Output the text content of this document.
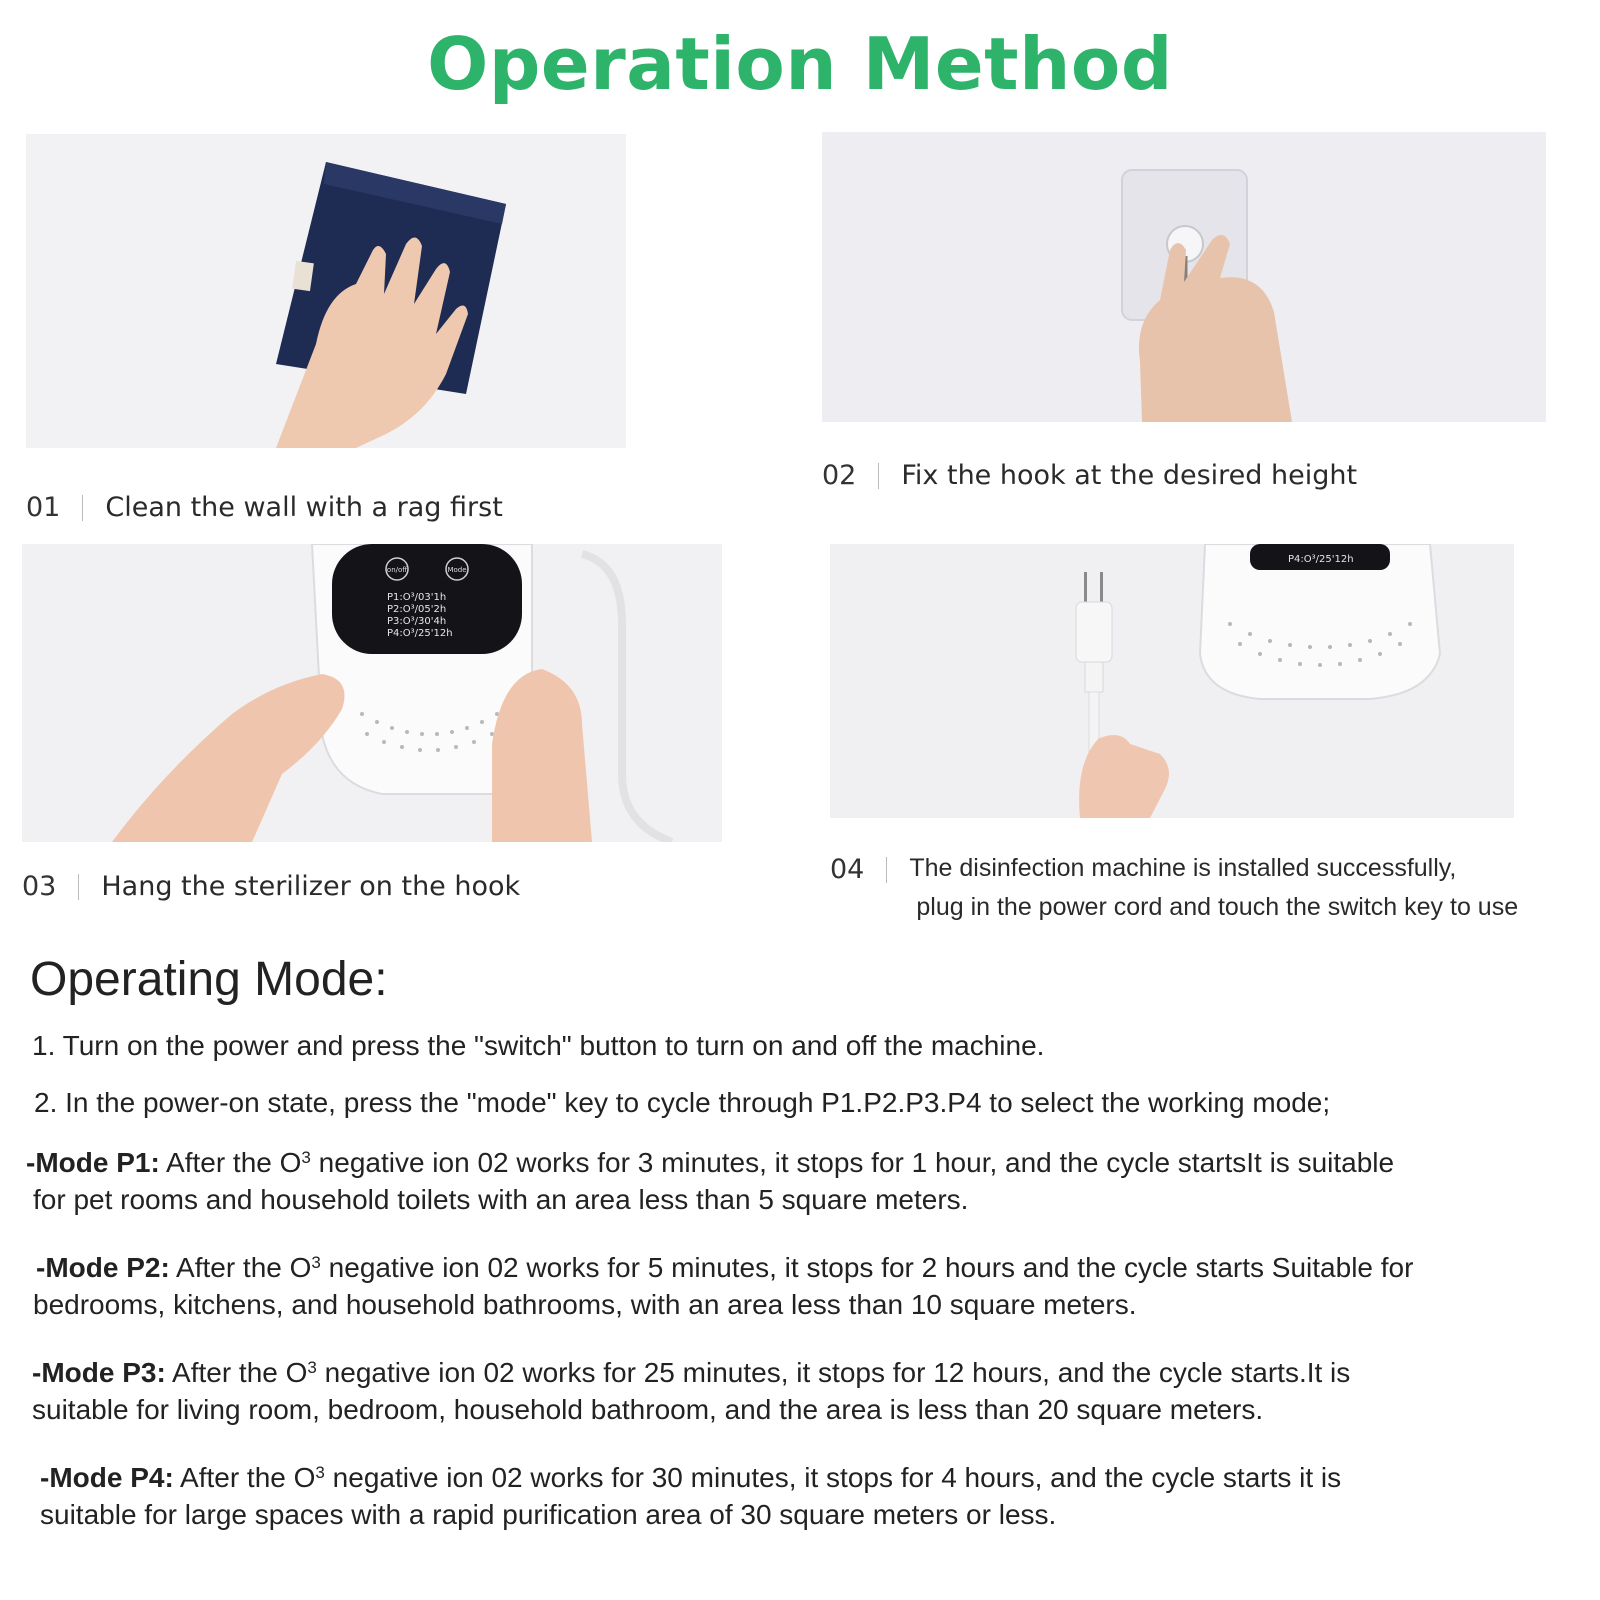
Operation Method
01 Clean the wall with a rag first
02 Fix the hook at the desired height
on/off	Mode
P1:O³/03'1h
P2:O³/05'2h
P3:O³/30'4h
P4:O³/25'12h
P4:O³/25'12h
03 Hang the sterilizer on the hook
04 The disinfection machine is installed successfully,
plug in the power cord and touch the switch key to use
Operating Mode:
1. Turn on the power and press the "switch" button to turn on and off the machine.
2. In the power-on state, press the "mode" key to cycle through P1.P2.P3.P4 to select the working mode;
-Mode P1: After the $O^3$ negative ion 02 works for 3 minutes, it stops for 1 hour, and the cycle startsIt is suitable
for pet rooms and household toilets with an area less than 5 square meters.
-Mode P2: After the $O^3$ negative ion 02 works for 5 minutes, it stops for 2 hours and the cycle starts Suitable for
bedrooms, kitchens, and household bathrooms, with an area less than 10 square meters.
-Mode P3: After the $O^3$ negative ion 02 works for 25 minutes, it stops for 12 hours, and the cycle starts.It is
suitable for living room, bedroom, household bathroom, and the area is less than 20 square meters.
-Mode P4: After the $O^3$ negative ion 02 works for 30 minutes, it stops for 4 hours, and the cycle starts it is
suitable for large spaces with a rapid purification area of 30 square meters or less.
